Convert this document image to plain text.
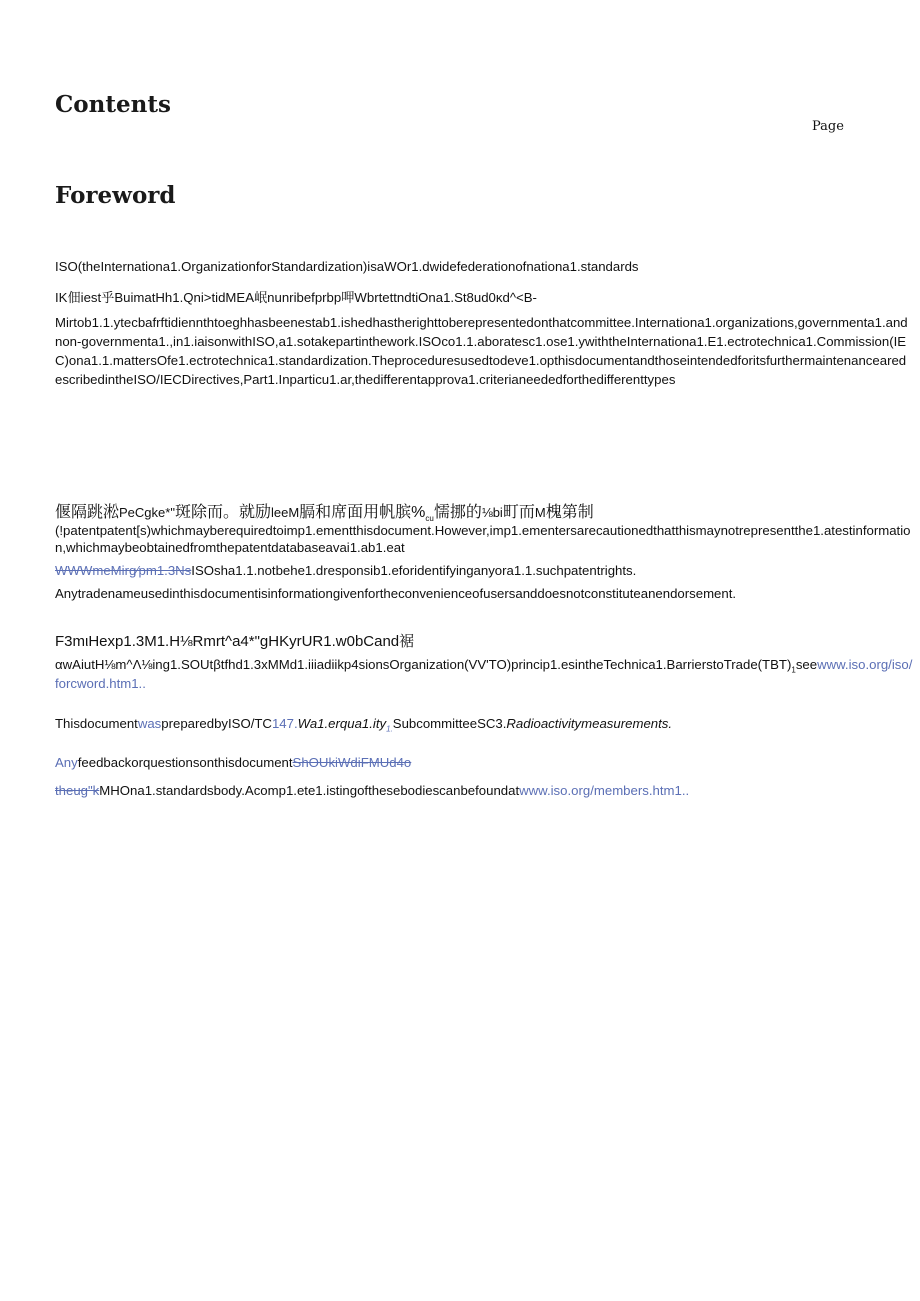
Contents
Page
Foreword
ISO(theInternationa1.OrganizationforStandardization)isaWOr1.dwidefederationofnationa1.standards
IK佃iest乎BuimatHh1.Qni>tidMEA岷nunribefprbp呷WbrtettndtiOna1.St8ud0κd^<B-
Mirtob1.1.ytecbafrftidiennthtoeghhasbeenestab1.ishedhastherighttoberepresentedonthatcommittee.Internationa1.organizations,governmenta1.andnon-governmenta1.,in1.iaisonwithISO,a1.sotakepartinthework.ISOco1.1.aboratesc1.ose1.ywiththeInternationa1.E1.ectrotechnica1.Commission(IEC)ona1.1.mattersOfe1.ectrotechnica1.standardization.Theproceduresusedtodeve1.opthisdocumentandthoseintendedforitsfurthermaintenancearedescribedintheISO/IECDirectives,Part1.Inparticu1.ar,thedifferentapprova1.criterianeededforthedifferenttypes
偃隔跳淞PeCgke*"斑除而。就励leeM膈和席面用帆膑$\%_{cu}$懦挪的⅛bi町而M槐第制
(!patentpatent[s)whichmayberequiredtoimp1.ementthisdocument.However,imp1.ementersarecautionedthatthismaynotrepresentthe1.atestinformation,whichmaybeobtainedfromthepatentdatabaseavai1.ab1.eat
WWWmeMirg⁄pm1.3NsISOsha1.1.notbehe1.dresponsib1.eforidentifyinganyora1.1.suchpatentrights.
Anytradenameusedinthisdocumentisinformationgivenfortheconvenienceofusersanddoesnotconstituteanendorsement.
F3mιHexp1.3M1.H⅛Rmrt^a4*"gHKyrUR1.w0bCand裾
$\alpha wAiutH\frac{1}{8}m\^{}\Lambda\frac{1}{8}ing1.SOUt\beta tfhd1.3xMMd1.iiiadiikp4sionsOrganization(VV'TO)princip1.esintheTechnica1.BarrierstoTrade(TBT)_1seew$ww.iso.org/iso/forcword.htm1..
ThisdocumentwaspreparedbyISO/TC147.Wa1.erqua1.ity$_{1.}$SubcommitteeSC3.Radioactivitymeasurements.
AnyfeedbackorquestionsonthisdocumentShOUkiWdiFMUd4ο
theug"kMHOna1.standardsbody.Acomp1.ete1.istingofthesebodiescanbefoundatwww.iso.org/members.htm1..
